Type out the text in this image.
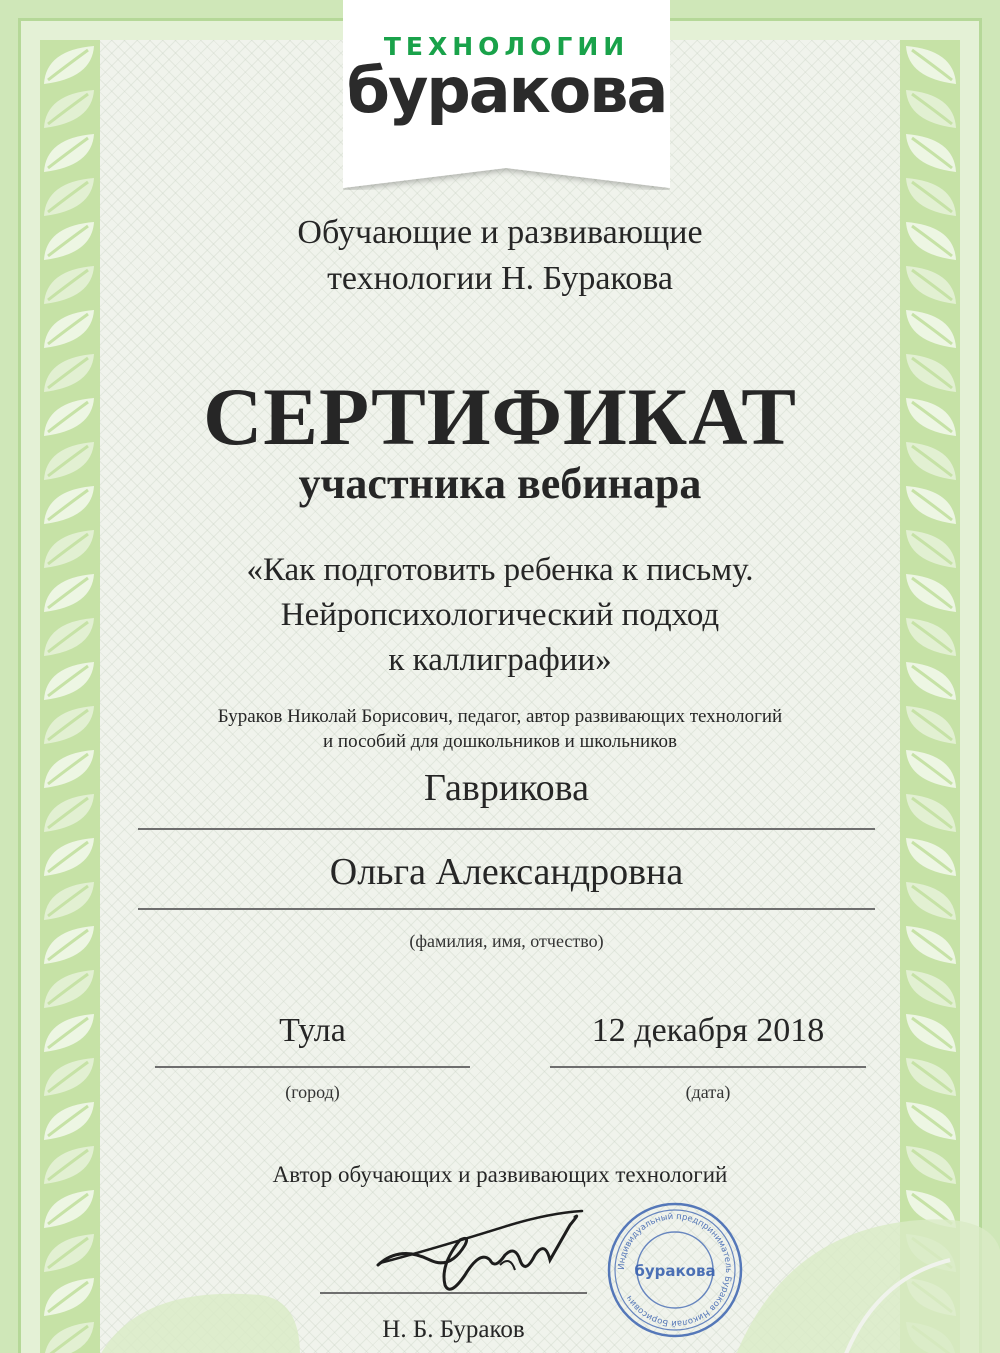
ТЕХНОЛОГИИ
буракова
Обучающие и развивающие
технологии Н. Буракова
СЕРТИФИКАТ
участника вебинара
«Как подготовить ребенка к письму.
Нейропсихологический подход
к каллиграфии»
Бураков Николай Борисович, педагог, автор развивающих технологий
и пособий для дошкольников и школьников
Гаврикова
Ольга Александровна
(фамилия, имя, отчество)
Тула
(город)
12 декабря 2018
(дата)
Автор обучающих и развивающих технологий
Н. Б. Бураков
Индивидуальный предприниматель Бураков Николай Борисович
буракова
